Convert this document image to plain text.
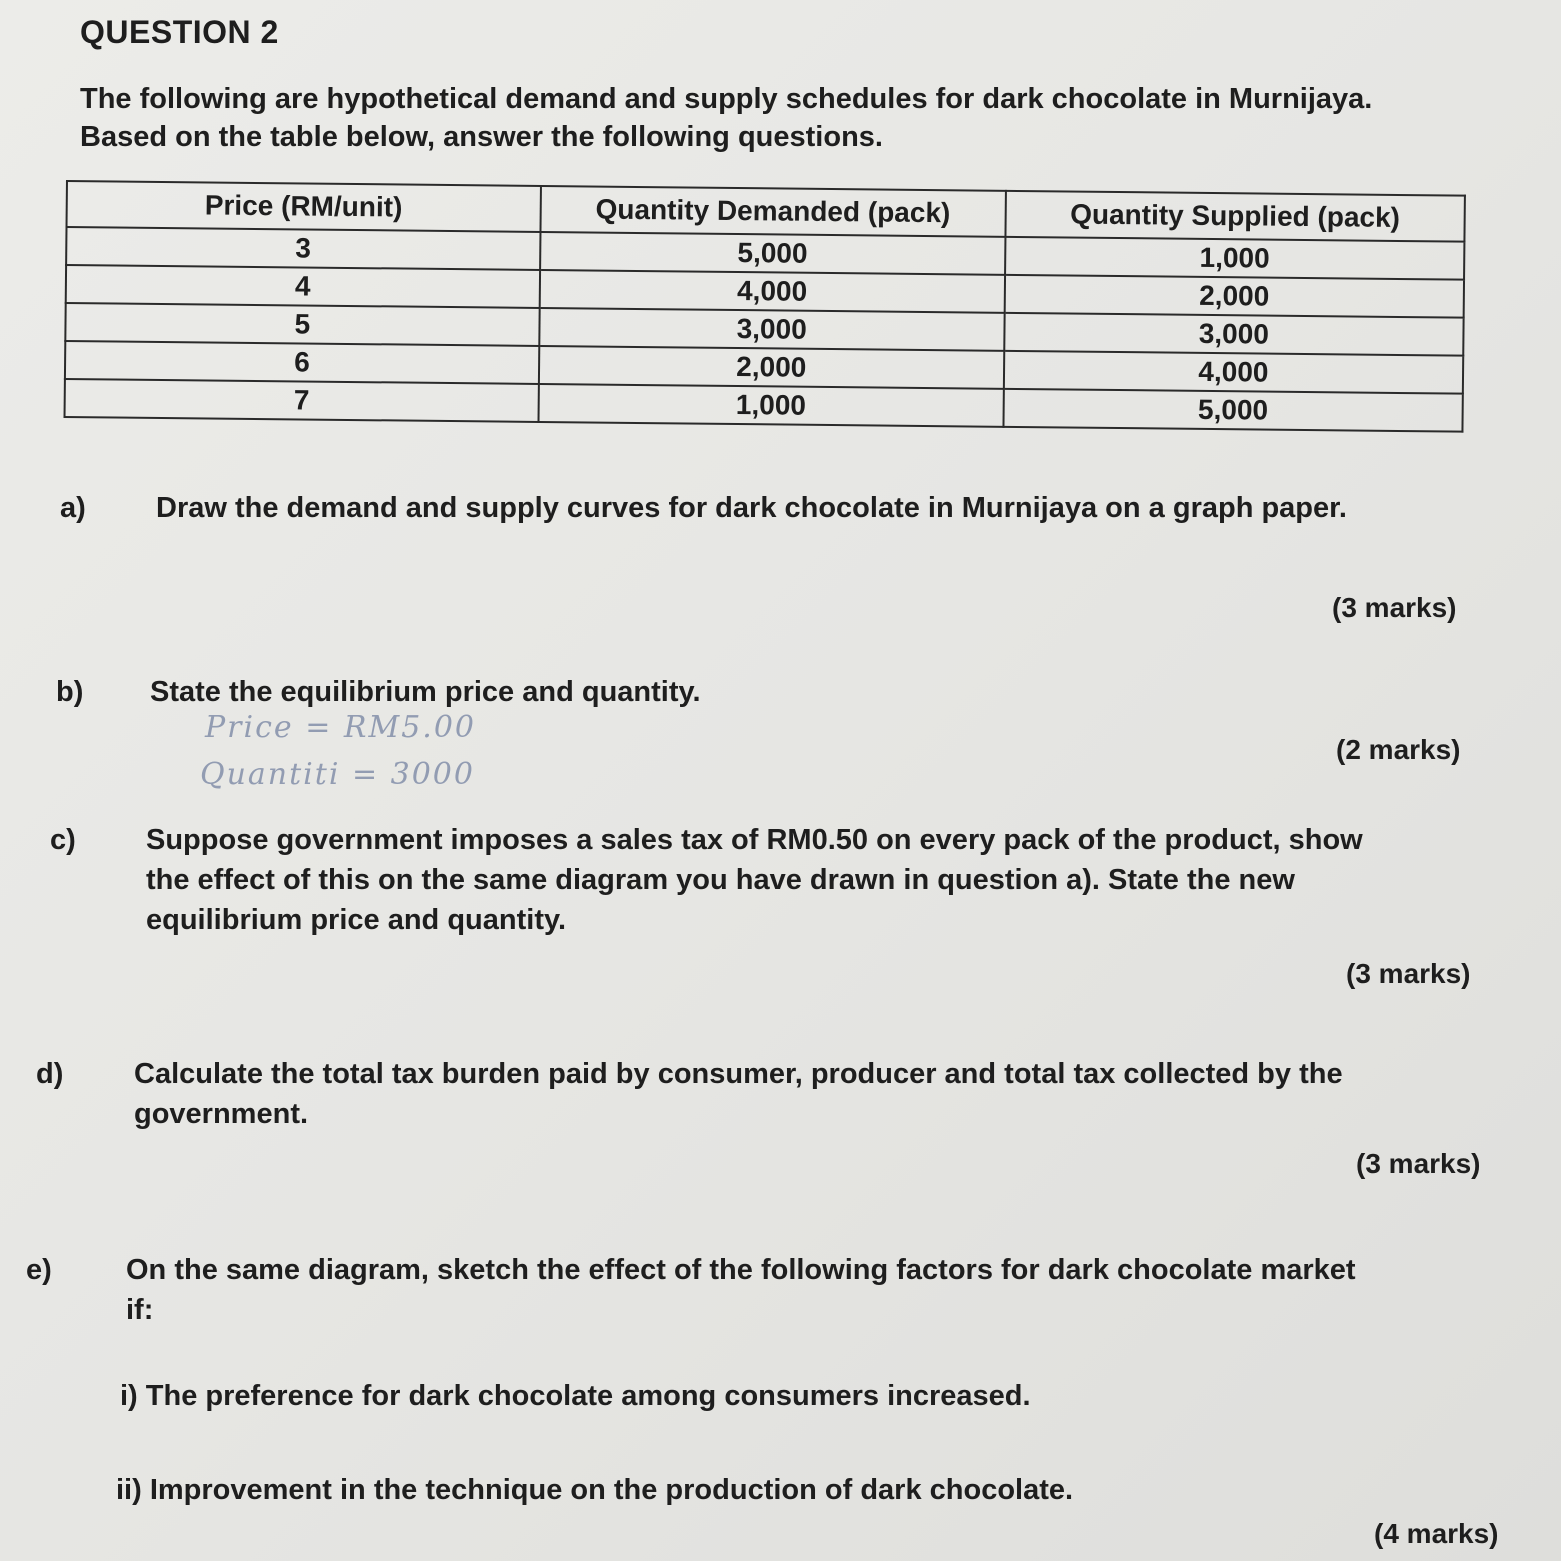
QUESTION 2
The following are hypothetical demand and supply schedules for dark chocolate in Murnijaya.
Based on the table below, answer the following questions.
Price (RM/unit)	Quantity Demanded (pack)	Quantity Supplied (pack)
3	5,000	1,000
4	4,000	2,000
5	3,000	3,000
6	2,000	4,000
7	1,000	5,000
a) Draw the demand and supply curves for dark chocolate in Murnijaya on a graph paper.
(3 marks)
b) State the equilibrium price and quantity.
Price = RM5.00
Quantiti = 3000
(2 marks)
c) Suppose government imposes a sales tax of RM0.50 on every pack of the product, show
the effect of this on the same diagram you have drawn in question a). State the new
equilibrium price and quantity.
(3 marks)
d) Calculate the total tax burden paid by consumer, producer and total tax collected by the
government.
(3 marks)
e)	On the same diagram, sketch the effect of the following factors for dark chocolate market
if:
i) The preference for dark chocolate among consumers increased.
ii) Improvement in the technique on the production of dark chocolate.
(4 marks)
